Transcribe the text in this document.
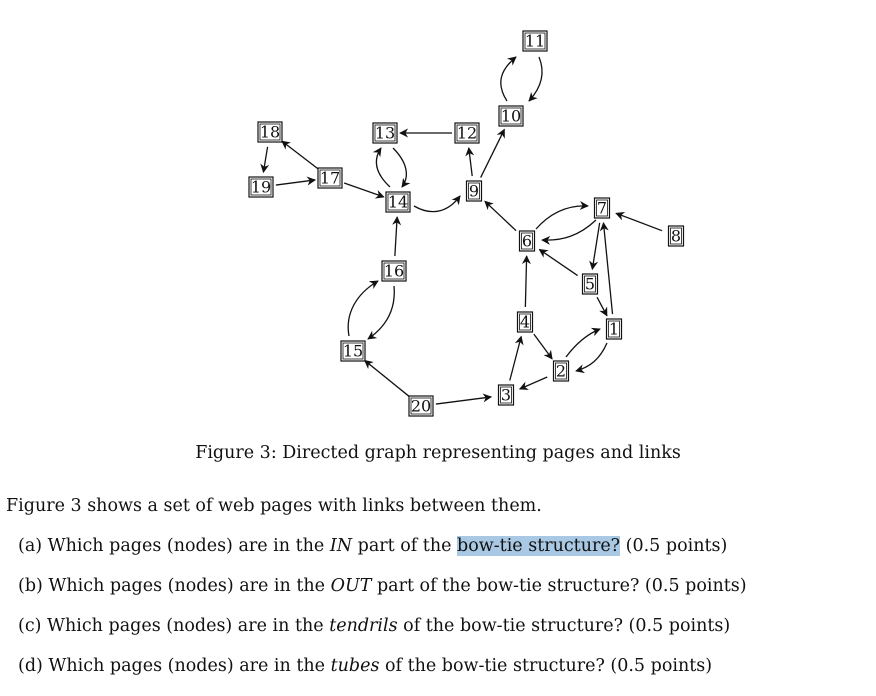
1
2
3
4
5
6
7
8
9
10
11
12
13
14
15
16
17
18
19
20
Figure 3: Directed graph representing pages and links
Figure 3 shows a set of web pages with links between them.
(a) Which pages (nodes) are in the IN part of the bow-tie structure? (0.5 points)
(b) Which pages (nodes) are in the OUT part of the bow-tie structure? (0.5 points)
(c) Which pages (nodes) are in the tendrils of the bow-tie structure? (0.5 points)
(d) Which pages (nodes) are in the tubes of the bow-tie structure? (0.5 points)
